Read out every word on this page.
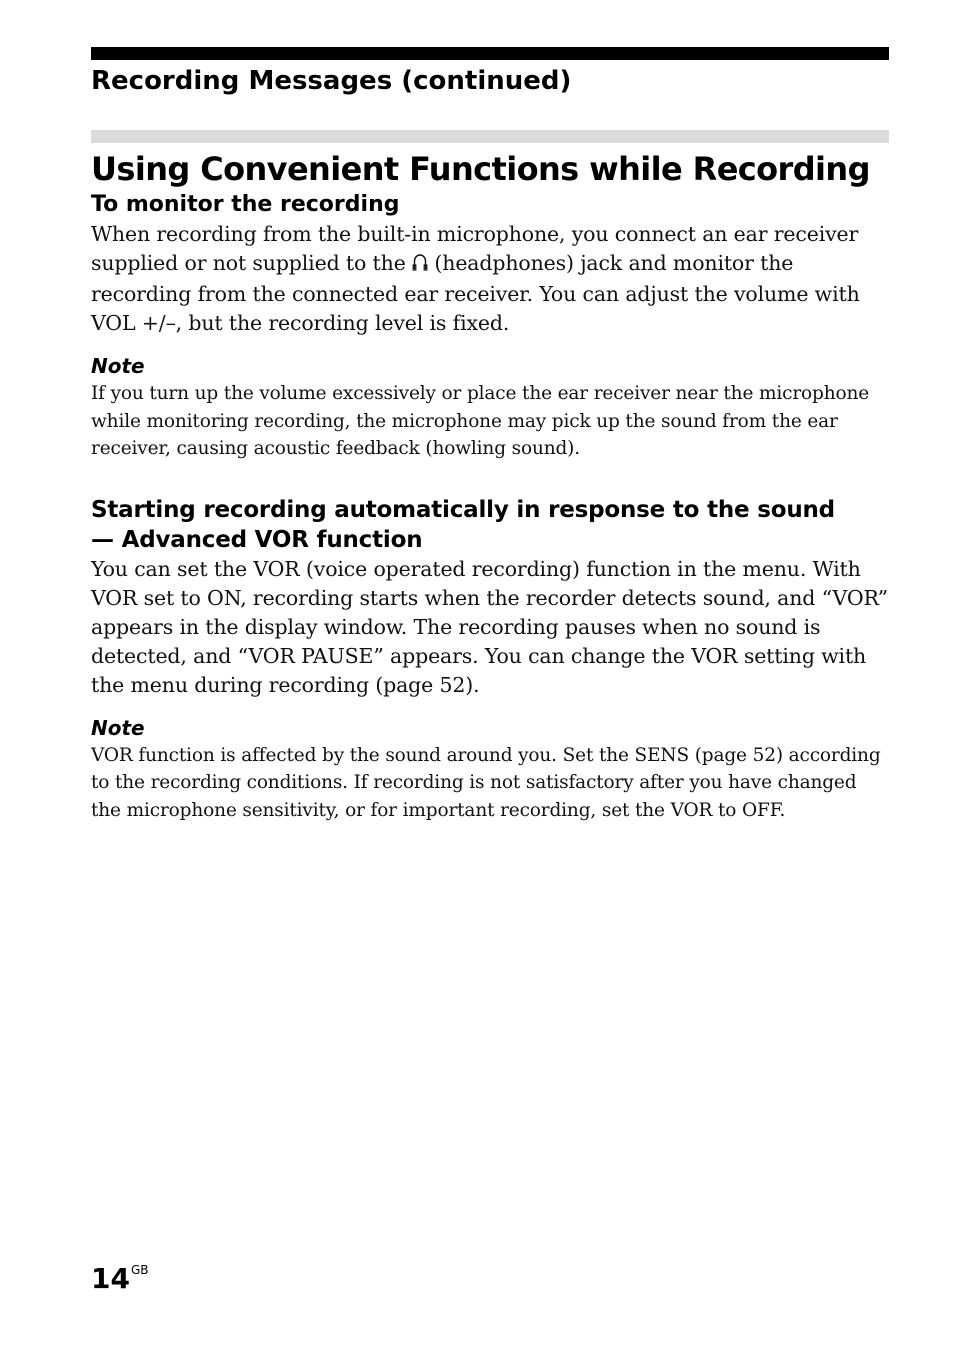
Recording Messages (continued)
Using Convenient Functions while Recording
To monitor the recording

When recording from the built-in microphone, you connect an ear receiver supplied or not supplied to the  (headphones) jack and monitor the recording from the connected ear receiver. You can adjust the volume with VOL +/–, but the recording level is fixed.

Note

If you turn up the volume excessively or place the ear receiver near the microphone while monitoring recording, the microphone may pick up the sound from the ear receiver, causing acoustic feedback (howling sound).

Starting recording automatically in response to the sound
— Advanced VOR function

You can set the VOR (voice operated recording) function in the menu. With VOR set to ON, recording starts when the recorder detects sound, and “VOR” appears in the display window. The recording pauses when no sound is detected, and “VOR PAUSE” appears. You can change the VOR setting with the menu during recording (page 52).

Note

VOR function is affected by the sound around you. Set the SENS (page 52) according to the recording conditions. If recording is not satisfactory after you have changed the microphone sensitivity, or for important recording, set the VOR to OFF.

$14^{GB}$
